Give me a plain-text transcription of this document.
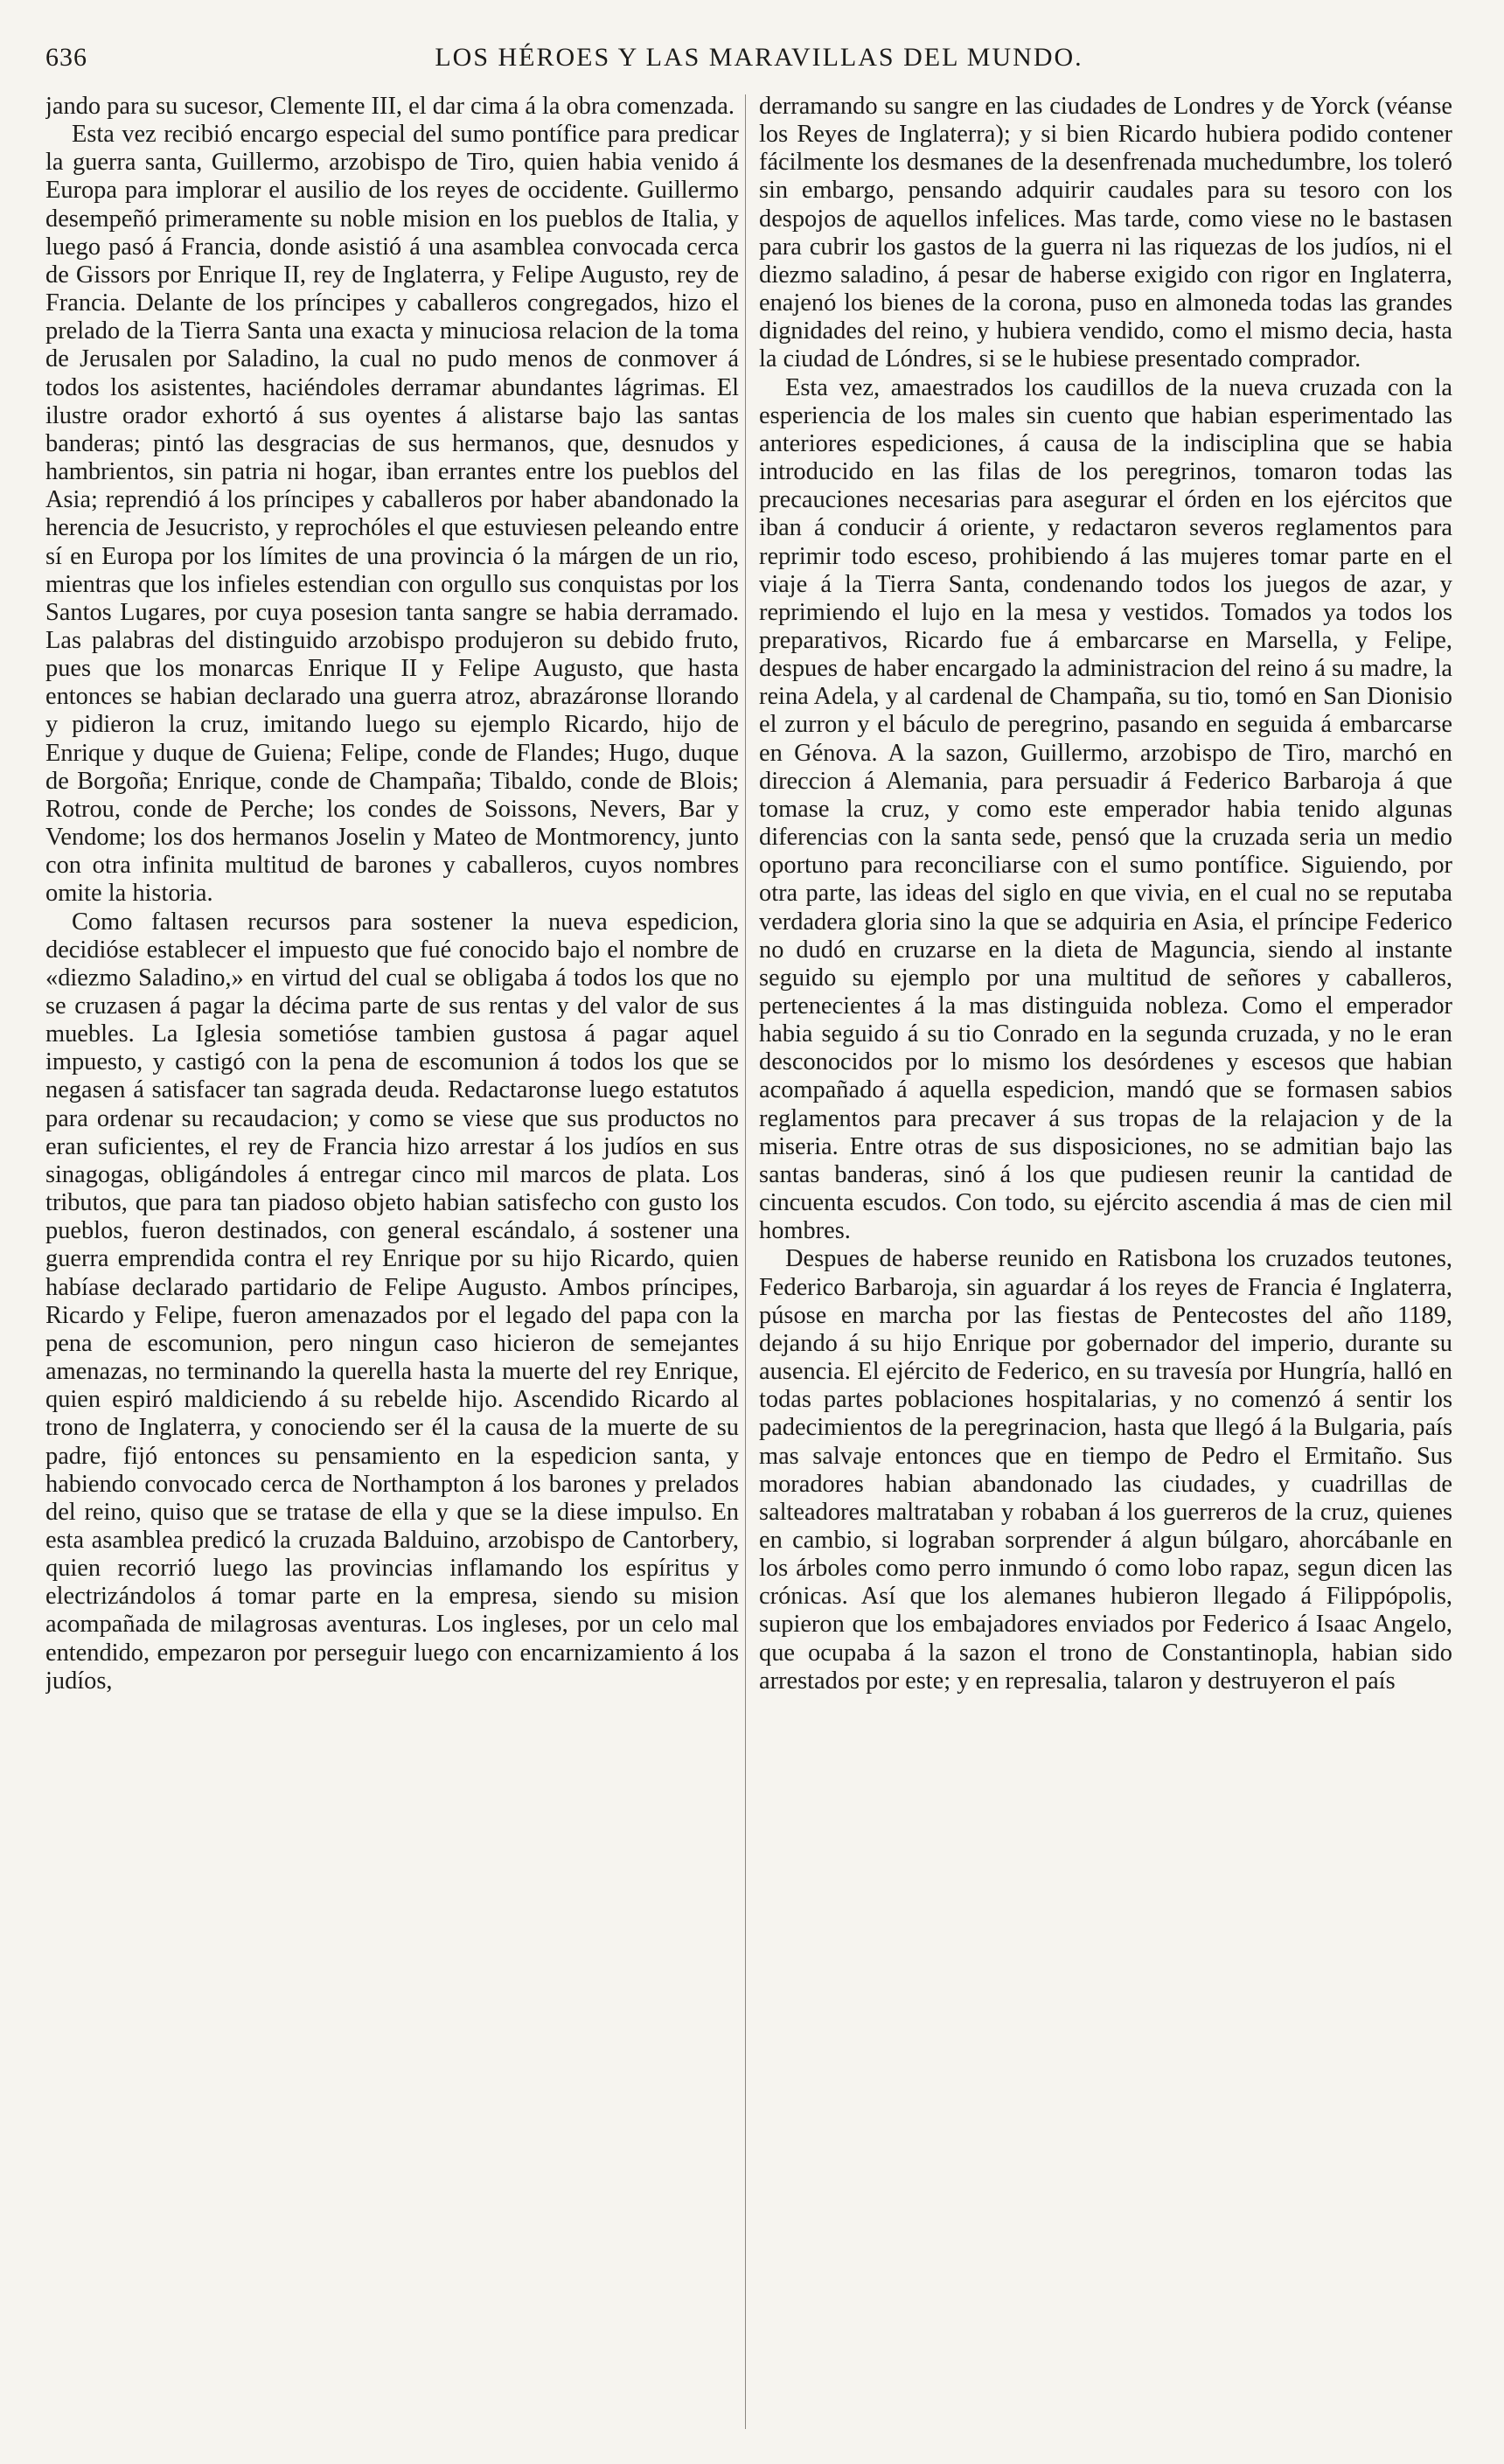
636	LOS HÉROES Y LAS MARAVILLAS DEL MUNDO.

jando para su sucesor, Clemente III, el dar cima á la obra comenzada.

Esta vez recibió encargo especial del sumo pontífice para predicar la guerra santa, Guillermo, arzobispo de Tiro, quien habia venido á Europa para implorar el ausilio de los reyes de occidente. Guillermo desempeñó primeramente su noble mision en los pueblos de Italia, y luego pasó á Francia, donde asistió á una asamblea convocada cerca de Gissors por Enrique II, rey de Inglaterra, y Felipe Augusto, rey de Francia. Delante de los príncipes y caballeros congregados, hizo el prelado de la Tierra Santa una exacta y minuciosa relacion de la toma de Jerusalen por Saladino, la cual no pudo menos de conmover á todos los asistentes, haciéndoles derramar abundantes lágrimas. El ilustre orador exhortó á sus oyentes á alistarse bajo las santas banderas; pintó las desgracias de sus hermanos, que, desnudos y hambrientos, sin patria ni hogar, iban errantes entre los pueblos del Asia; reprendió á los príncipes y caballeros por haber abandonado la herencia de Jesucristo, y reprochóles el que estuviesen peleando entre sí en Europa por los límites de una provincia ó la márgen de un rio, mientras que los infieles estendian con orgullo sus conquistas por los Santos Lugares, por cuya posesion tanta sangre se habia derramado. Las palabras del distinguido arzobispo produjeron su debido fruto, pues que los monarcas Enrique II y Felipe Augusto, que hasta entonces se habian declarado una guerra atroz, abrazáronse llorando y pidieron la cruz, imitando luego su ejemplo Ricardo, hijo de Enrique y duque de Guiena; Felipe, conde de Flandes; Hugo, duque de Borgoña; Enrique, conde de Champaña; Tibaldo, conde de Blois; Rotrou, conde de Perche; los condes de Soissons, Nevers, Bar y Vendome; los dos hermanos Joselin y Mateo de Montmorency, junto con otra infinita multitud de barones y caballeros, cuyos nombres omite la historia.

Como faltasen recursos para sostener la nueva espedicion, decidióse establecer el impuesto que fué conocido bajo el nombre de «diezmo Saladino,» en virtud del cual se obligaba á todos los que no se cruzasen á pagar la décima parte de sus rentas y del valor de sus muebles. La Iglesia sometióse tambien gustosa á pagar aquel impuesto, y castigó con la pena de escomunion á todos los que se negasen á satisfacer tan sagrada deuda. Redactaronse luego estatutos para ordenar su recaudacion; y como se viese que sus productos no eran suficientes, el rey de Francia hizo arrestar á los judíos en sus sinagogas, obligándoles á entregar cinco mil marcos de plata. Los tributos, que para tan piadoso objeto habian satisfecho con gusto los pueblos, fueron destinados, con general escándalo, á sostener una guerra emprendida contra el rey Enrique por su hijo Ricardo, quien habíase declarado partidario de Felipe Augusto. Ambos príncipes, Ricardo y Felipe, fueron amenazados por el legado del papa con la pena de escomunion, pero ningun caso hicieron de semejantes amenazas, no terminando la querella hasta la muerte del rey Enrique, quien espiró maldiciendo á su rebelde hijo. Ascendido Ricardo al trono de Inglaterra, y conociendo ser él la causa de la muerte de su padre, fijó entonces su pensamiento en la espedicion santa, y habiendo convocado cerca de Northampton á los barones y prelados del reino, quiso que se tratase de ella y que se la diese impulso. En esta asamblea predicó la cruzada Balduino, arzobispo de Cantorbery, quien recorrió luego las provincias inflamando los espíritus y electrizándolos á tomar parte en la empresa, siendo su mision acompañada de milagrosas aventuras. Los ingleses, por un celo mal entendido, empezaron por perseguir luego con encarnizamiento á los judíos,

derramando su sangre en las ciudades de Londres y de Yorck (véanse los Reyes de Inglaterra); y si bien Ricardo hubiera podido contener fácilmente los desmanes de la desenfrenada muchedumbre, los toleró sin embargo, pensando adquirir caudales para su tesoro con los despojos de aquellos infelices. Mas tarde, como viese no le bastasen para cubrir los gastos de la guerra ni las riquezas de los judíos, ni el diezmo saladino, á pesar de haberse exigido con rigor en Inglaterra, enajenó los bienes de la corona, puso en almoneda todas las grandes dignidades del reino, y hubiera vendido, como el mismo decia, hasta la ciudad de Lóndres, si se le hubiese presentado comprador.

Esta vez, amaestrados los caudillos de la nueva cruzada con la esperiencia de los males sin cuento que habian esperimentado las anteriores espediciones, á causa de la indisciplina que se habia introducido en las filas de los peregrinos, tomaron todas las precauciones necesarias para asegurar el órden en los ejércitos que iban á conducir á oriente, y redactaron severos reglamentos para reprimir todo esceso, prohibiendo á las mujeres tomar parte en el viaje á la Tierra Santa, condenando todos los juegos de azar, y reprimiendo el lujo en la mesa y vestidos. Tomados ya todos los preparativos, Ricardo fue á embarcarse en Marsella, y Felipe, despues de haber encargado la administracion del reino á su madre, la reina Adela, y al cardenal de Champaña, su tio, tomó en San Dionisio el zurron y el báculo de peregrino, pasando en seguida á embarcarse en Génova. A la sazon, Guillermo, arzobispo de Tiro, marchó en direccion á Alemania, para persuadir á Federico Barbaroja á que tomase la cruz, y como este emperador habia tenido algunas diferencias con la santa sede, pensó que la cruzada seria un medio oportuno para reconciliarse con el sumo pontífice. Siguiendo, por otra parte, las ideas del siglo en que vivia, en el cual no se reputaba verdadera gloria sino la que se adquiria en Asia, el príncipe Federico no dudó en cruzarse en la dieta de Maguncia, siendo al instante seguido su ejemplo por una multitud de señores y caballeros, pertenecientes á la mas distinguida nobleza. Como el emperador habia seguido á su tio Conrado en la segunda cruzada, y no le eran desconocidos por lo mismo los desórdenes y escesos que habian acompañado á aquella espedicion, mandó que se formasen sabios reglamentos para precaver á sus tropas de la relajacion y de la miseria. Entre otras de sus disposiciones, no se admitian bajo las santas banderas, sinó á los que pudiesen reunir la cantidad de cincuenta escudos. Con todo, su ejército ascendia á mas de cien mil hombres.

Despues de haberse reunido en Ratisbona los cruzados teutones, Federico Barbaroja, sin aguardar á los reyes de Francia é Inglaterra, púsose en marcha por las fiestas de Pentecostes del año 1189, dejando á su hijo Enrique por gobernador del imperio, durante su ausencia. El ejército de Federico, en su travesía por Hungría, halló en todas partes poblaciones hospitalarias, y no comenzó á sentir los padecimientos de la peregrinacion, hasta que llegó á la Bulgaria, país mas salvaje entonces que en tiempo de Pedro el Ermitaño. Sus moradores habian abandonado las ciudades, y cuadrillas de salteadores maltrataban y robaban á los guerreros de la cruz, quienes en cambio, si lograban sorprender á algun búlgaro, ahorcábanle en los árboles como perro inmundo ó como lobo rapaz, segun dicen las crónicas. Así que los alemanes hubieron llegado á Filippópolis, supieron que los embajadores enviados por Federico á Isaac Angelo, que ocupaba á la sazon el trono de Constantinopla, habian sido arrestados por este; y en represalia, talaron y destruyeron el país
